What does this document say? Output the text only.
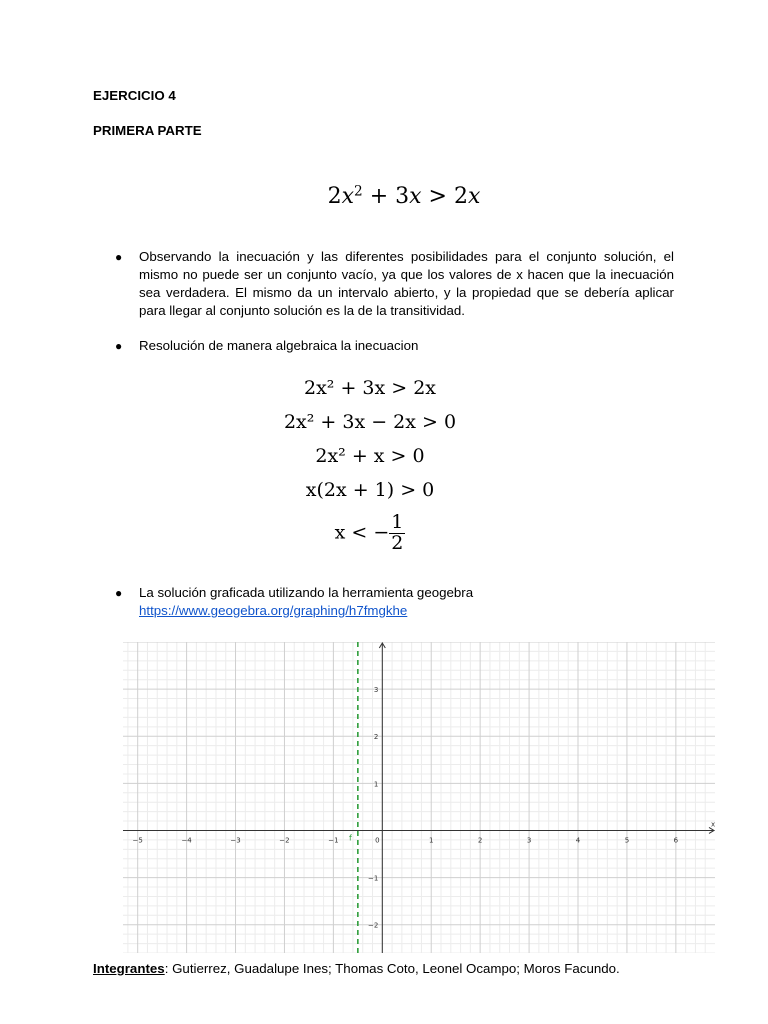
EJERCICIO 4
PRIMERA PARTE
$2x^2 + 3x > 2x$
● Observando la inecuación y las diferentes posibilidades para el conjunto solución, el mismo no puede ser un conjunto vacío, ya que los valores de x hacen que la inecuación sea verdadera. El mismo da un intervalo abierto, y la propiedad que se debería aplicar para llegar al conjunto solución es la de la transitividad.
● Resolución de manera algebraica la inecuacion
2x² + 3x > 2x
2x² + 3x − 2x > 0
2x² + x > 0
x(2x + 1) > 0
x < − $\frac{1}{2}$
● La solución graficada utilizando la herramienta geogebra
https://www.geogebra.org/graphing/h7fmgkhe
x
−5	−4	−3	−2	−1	0	1	2	3	4	5	6
−2
−1
1
2
3
f
Integrantes: Gutierrez, Guadalupe Ines; Thomas Coto, Leonel Ocampo; Moros Facundo.
